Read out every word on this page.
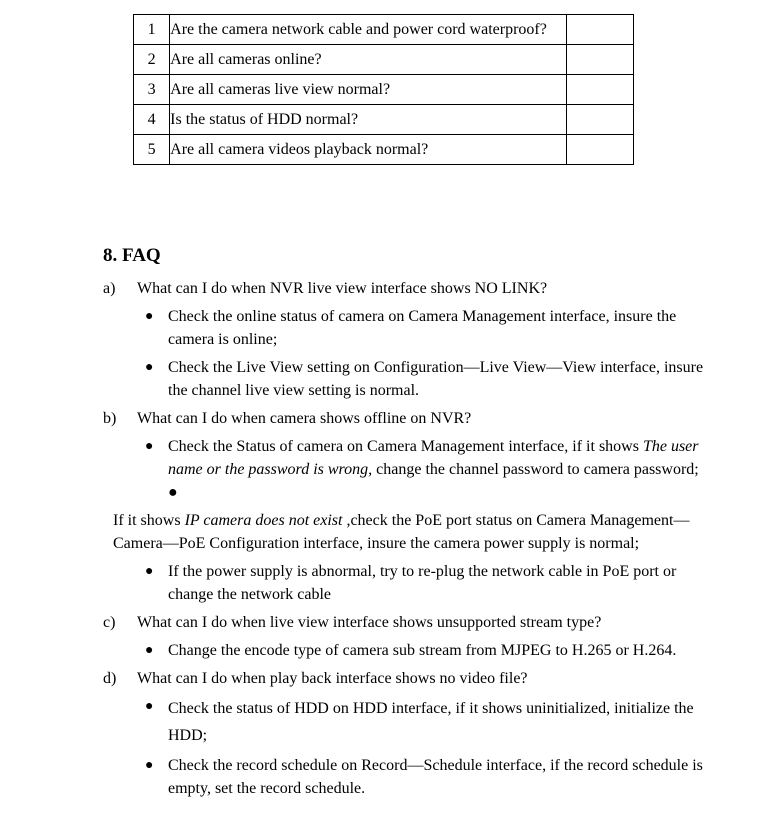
1	Are the camera network cable and power cord waterproof?	
2	Are all cameras online?	
3	Are all cameras live view normal?	
4	Is the status of HDD normal?	
5	Are all camera videos playback normal?	
8. FAQ
a)	What can I do when NVR live view interface shows NO LINK?
● Check the online status of camera on Camera Management interface, insure the camera is online;
● Check the Live View setting on Configuration—Live View—View interface, insure the channel live view setting is normal.
b)	What can I do when camera shows offline on NVR?
● Check the Status of camera on Camera Management interface, if it shows The user name or the password is wrong, change the channel password to camera password; ●
If it shows IP camera does not exist ,check the PoE port status on Camera Management—Camera—PoE Configuration interface, insure the camera power supply is normal;
● If the power supply is abnormal, try to re-plug the network cable in PoE port or change the network cable
c)	What can I do when live view interface shows unsupported stream type?
● Change the encode type of camera sub stream from MJPEG to H.265 or H.264.
d)	What can I do when play back interface shows no video file?
● Check the status of HDD on HDD interface, if it shows uninitialized, initialize the HDD;
● Check the record schedule on Record—Schedule interface, if the record schedule is empty, set the record schedule.
